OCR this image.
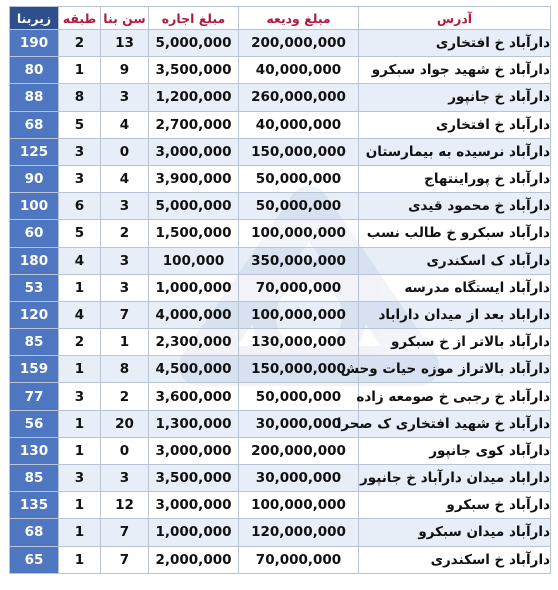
آدرس	مبلغ ودیعه	مبلغ اجاره	سن بنا	طبقه	زیربنا
دارآباد خ افتخاری	200,000,000	5,000,000	13	2	190
دارآباد خ شهید جواد سبکرو	40,000,000	3,500,000	9	1	80
دارآباد خ جانپور	260,000,000	1,200,000	3	8	88
دارآباد خ افتخاری	40,000,000	2,700,000	4	5	68
دارآباد نرسیده به بیمارستان	150,000,000	3,000,000	0	3	125
دارآباد خ پوراینتهاج	50,000,000	3,900,000	4	3	90
دارآباد خ محمود قیدی	50,000,000	5,000,000	3	6	100
دارآباد سبکرو خ طالب نسب	100,000,000	1,500,000	2	5	60
دارآباد ک اسکندری	350,000,000	100,000	3	4	180
دارآباد ایستگاه مدرسه	70,000,000	1,000,000	3	1	53
داراباد بعد از میدان داراباد	100,000,000	4,000,000	7	4	120
دارآباد بالاتر از خ سبکرو	130,000,000	2,300,000	1	2	85
دارآباد بالاتراز موزه حیات وحش	150,000,000	4,500,000	8	1	159
دارآباد خ رجبی خ صومعه زاده	50,000,000	3,600,000	2	3	77
دارآباد خ شهید افتخاری ک صحرا	30,000,000	1,300,000	20	1	56
دارآباد کوی جانپور	200,000,000	3,000,000	0	1	130
داراباد میدان دارآباد خ جانپور	30,000,000	3,500,000	3	3	85
دارآباد خ سبکرو	100,000,000	3,000,000	12	1	135
دارآباد میدان سبکرو	120,000,000	1,000,000	7	1	68
دارآباد خ اسکندری	70,000,000	2,000,000	7	1	65
